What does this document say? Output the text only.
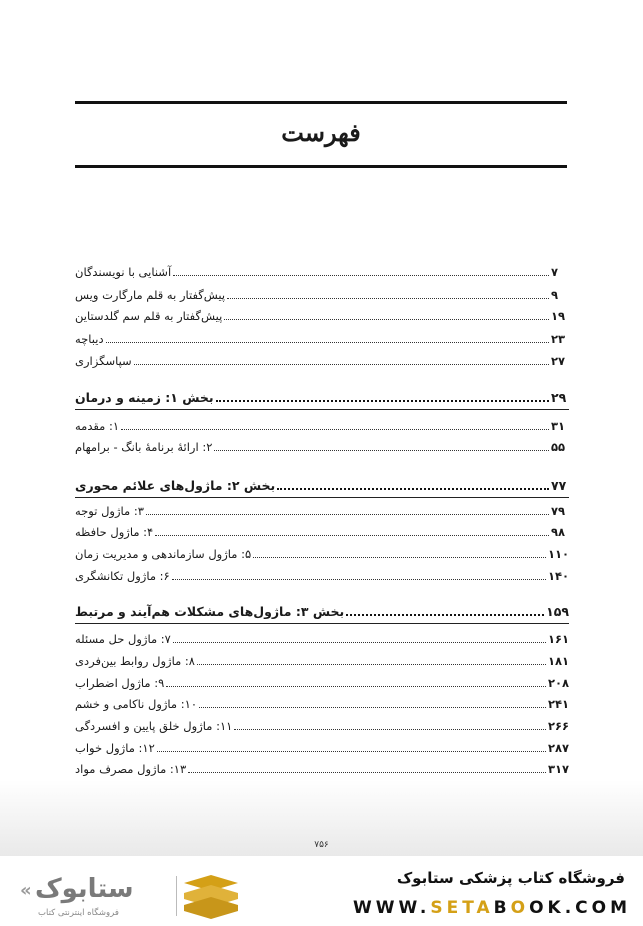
فهرست
آشنایی با نویسندگان	۷
پیش‌گفتار به قلم مارگارت ویس	۹
پیش‌گفتار به قلم سم گلدستاین	۱۹
دیباچه	۲۳
سپاسگزاری	۲۷
بخش ۱: زمینه و درمان	۲۹
۱: مقدمه	۳۱
۲: ارائهٔ برنامهٔ بانگ - برامهام	۵۵
بخش ۲: ماژول‌های علائم محوری	۷۷
۳: ماژول توجه	۷۹
۴: ماژول حافظه	۹۸
۵: ماژول سازماندهی و مدیریت زمان	۱۱۰
۶: ماژول تکانشگری	۱۴۰
بخش ۳: ماژول‌های مشکلات هم‌آیند و مرتبط	۱۵۹
۷: ماژول حل مسئله	۱۶۱
۸: ماژول روابط بین‌فردی	۱۸۱
۹: ماژول اضطراب	۲۰۸
۱۰: ماژول ناکامی و خشم	۲۴۱
۱۱: ماژول خلق پایین و افسردگی	۲۶۶
۱۲: ماژول خواب	۲۸۷
۱۳: ماژول مصرف مواد	۳۱۷
۷۵۶
فروشگاه کتاب پزشکی ستابوک
WWW.SETABOOK.COM
ستابوک
«
فروشگاه اینترنتی کتاب
